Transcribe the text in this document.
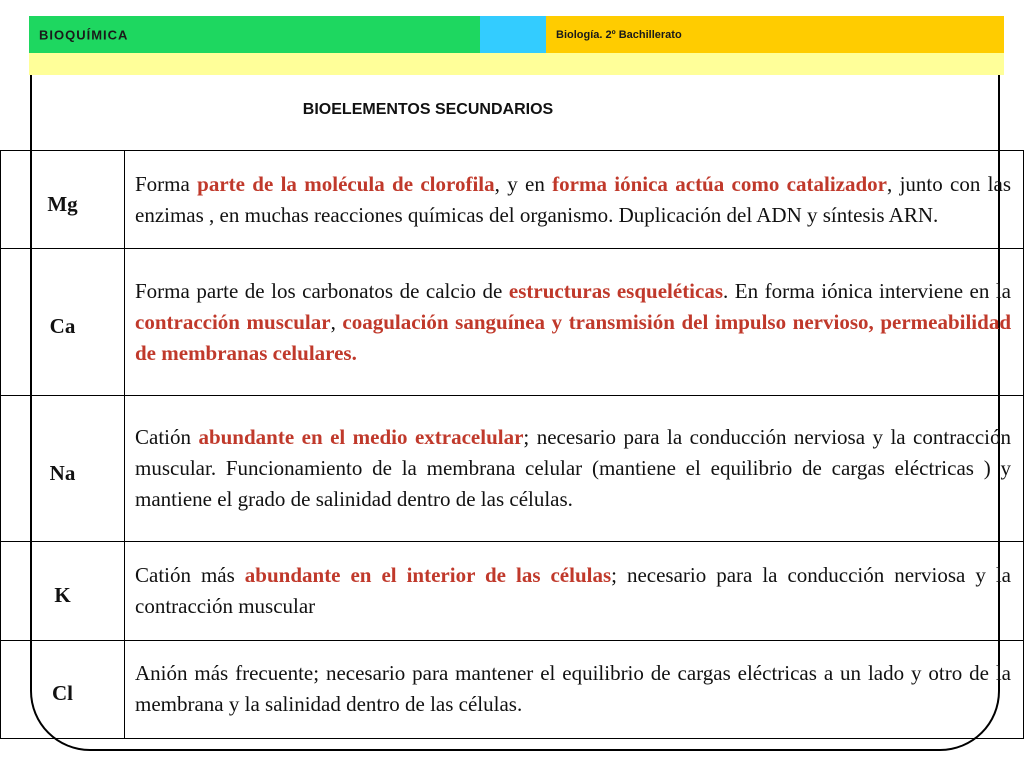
BIOQUÍMICA	Biología. 2º Bachillerato
BIOELEMENTOS SECUNDARIOS
Mg	Forma parte de la molécula de clorofila, y en forma iónica actúa como catalizador, junto con las enzimas , en muchas reacciones químicas del organismo. Duplicación del ADN y síntesis ARN.
Ca	Forma parte de los carbonatos de calcio de estructuras esqueléticas. En forma iónica interviene en la contracción muscular, coagulación sanguínea y transmisión del impulso nervioso, permeabilidad de membranas celulares.
Na	Catión abundante en el medio extracelular; necesario para la conducción nerviosa y la contracción muscular. Funcionamiento de la membrana celular (mantiene el equilibrio de cargas eléctricas ) y mantiene el grado de salinidad dentro de las células.
K	Catión más abundante en el interior de las células; necesario para la conducción nerviosa y la contracción muscular
Cl	Anión más frecuente; necesario para mantener el equilibrio de cargas eléctricas a un lado y otro de la membrana y la salinidad dentro de las células.
